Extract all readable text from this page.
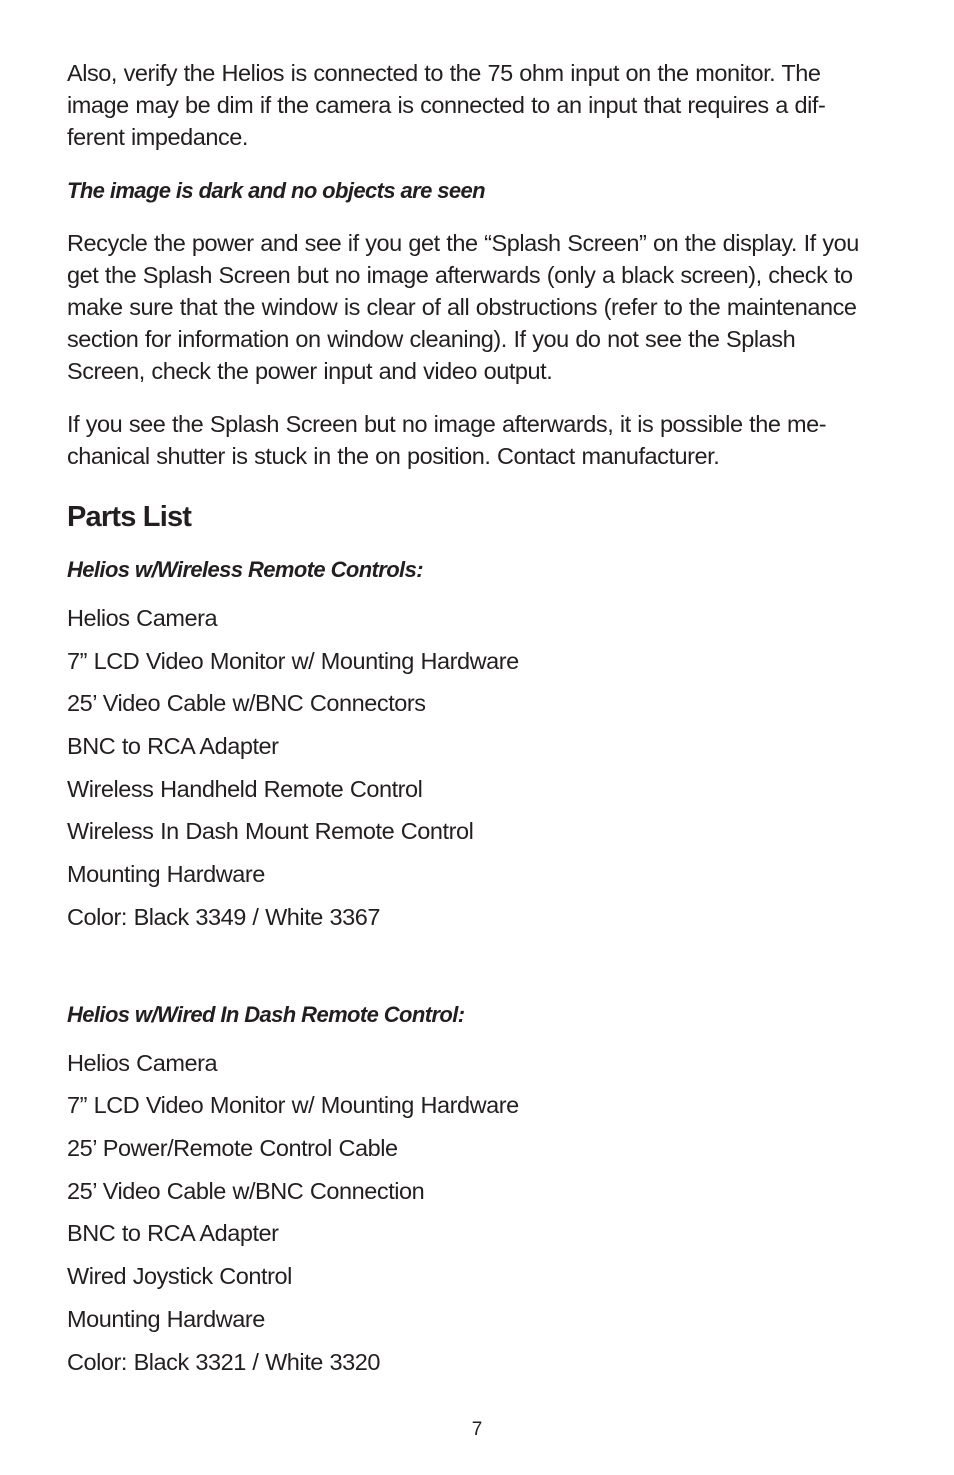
Also, verify the Helios is connected to the 75 ohm input on the monitor. The image may be dim if the camera is connected to an input that requires a dif-ferent impedance.

The image is dark and no objects are seen

Recycle the power and see if you get the “Splash Screen” on the display. If you get the Splash Screen but no image afterwards (only a black screen), check to make sure that the window is clear of all obstructions (refer to the maintenance section for information on window cleaning). If you do not see the Splash Screen, check the power input and video output.

If you see the Splash Screen but no image afterwards, it is possible the me-chanical shutter is stuck in the on position. Contact manufacturer.

Parts List
Helios w/Wireless Remote Controls:
Helios Camera
7” LCD Video Monitor w/ Mounting Hardware
25’ Video Cable w/BNC Connectors
BNC to RCA Adapter
Wireless Handheld Remote Control
Wireless In Dash Mount Remote Control
Mounting Hardware
Color: Black 3349 / White 3367
Helios w/Wired In Dash Remote Control:
Helios Camera
7” LCD Video Monitor w/ Mounting Hardware
25’ Power/Remote Control Cable
25’ Video Cable w/BNC Connection
BNC to RCA Adapter
Wired Joystick Control
Mounting Hardware
Color: Black 3321 / White 3320
7
